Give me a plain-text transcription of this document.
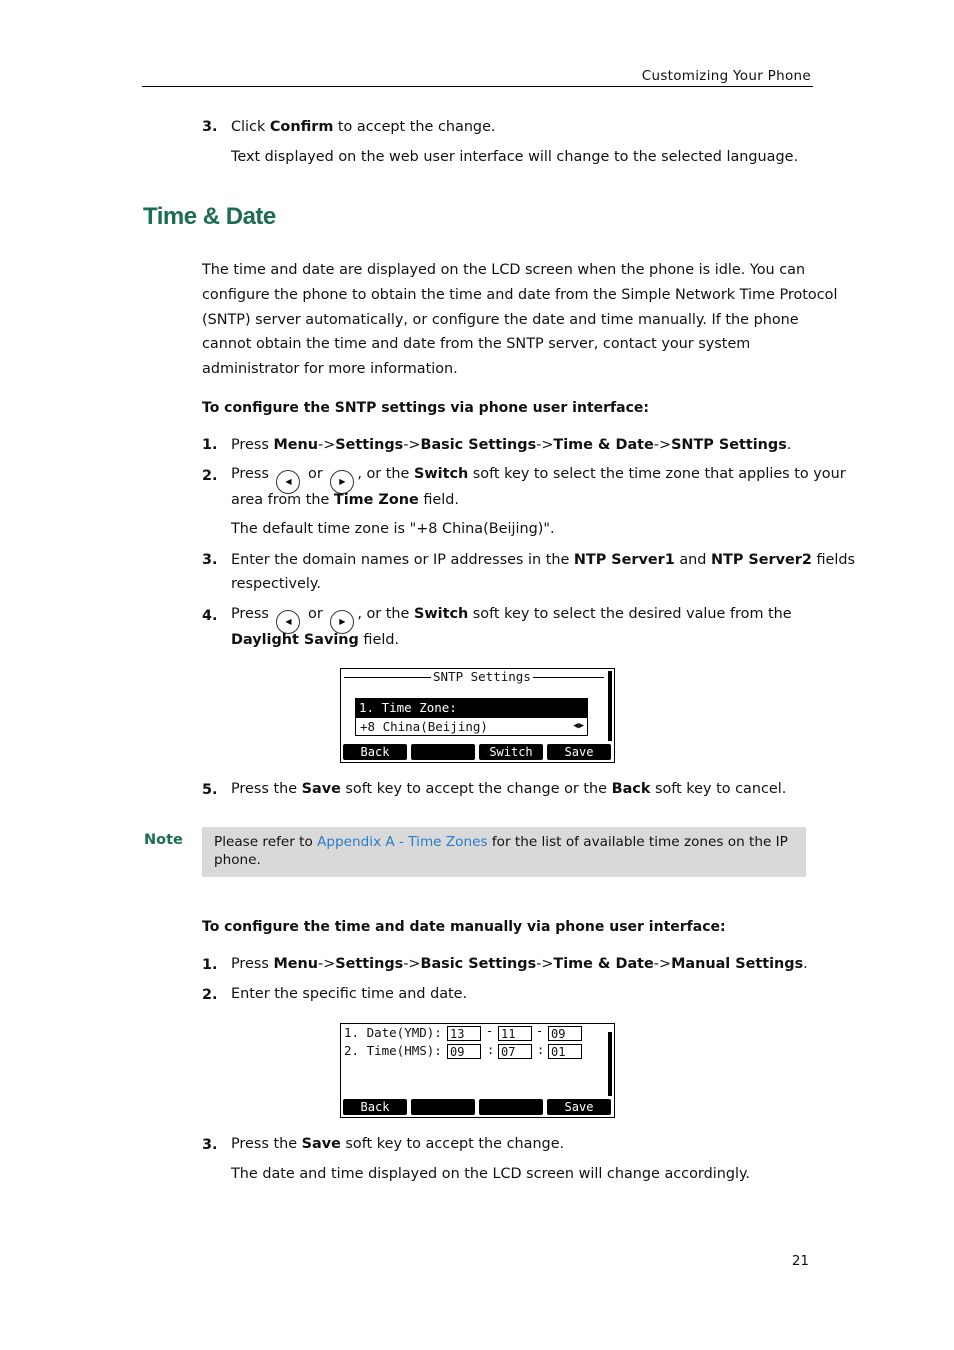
Customizing Your Phone
3. Click Confirm to accept the change.
Text displayed on the web user interface will change to the selected language.
Time & Date
The time and date are displayed on the LCD screen when the phone is idle. You can
configure the phone to obtain the time and date from the Simple Network Time Protocol
(SNTP) server automatically, or configure the date and time manually. If the phone
cannot obtain the time and date from the SNTP server, contact your system
administrator for more information.
To configure the SNTP settings via phone user interface:
1. Press Menu->Settings->Basic Settings->Time & Date->SNTP Settings.
2. Press ◀ or ▶ , or the Switch soft key to select the time zone that applies to your
area from the Time Zone field.
The default time zone is "+8 China(Beijing)".
3. Enter the domain names or IP addresses in the NTP Server1 and NTP Server2 fields
respectively.
4. Press ◀ or ▶ , or the Switch soft key to select the desired value from the
Daylight Saving field.
SNTP Settings
1. Time Zone:
+8 China(Beijing)	◀▶
Back	Switch	Save
5. Press the Save soft key to accept the change or the Back soft key to cancel.
Note Please refer to Appendix A - Time Zones for the list of available time zones on the IP
phone.
To configure the time and date manually via phone user interface:
1. Press Menu->Settings->Basic Settings->Time & Date->Manual Settings.
2. Enter the specific time and date.
1. Date(YMD): 13	- 11	- 09
2. Time(HMS): 09	: 07	: 01
Back	Save
3. Press the Save soft key to accept the change.
The date and time displayed on the LCD screen will change accordingly.
21
